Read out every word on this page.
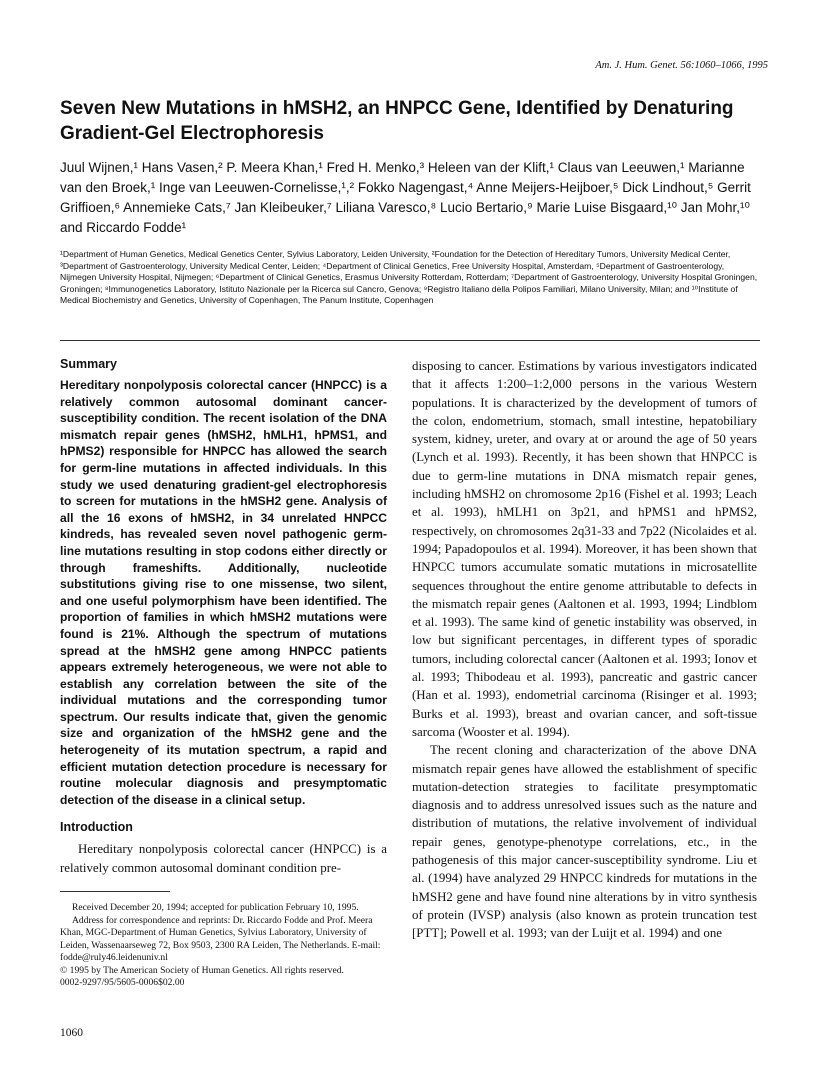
Am. J. Hum. Genet. 56:1060–1066, 1995
Seven New Mutations in hMSH2, an HNPCC Gene, Identified by Denaturing Gradient-Gel Electrophoresis
Juul Wijnen,¹ Hans Vasen,² P. Meera Khan,¹ Fred H. Menko,³ Heleen van der Klift,¹ Claus van Leeuwen,¹ Marianne van den Broek,¹ Inge van Leeuwen-Cornelisse,¹,² Fokko Nagengast,⁴ Anne Meijers-Heijboer,⁵ Dick Lindhout,⁵ Gerrit Griffioen,⁶ Annemieke Cats,⁷ Jan Kleibeuker,⁷ Liliana Varesco,⁸ Lucio Bertario,⁹ Marie Luise Bisgaard,¹⁰ Jan Mohr,¹⁰ and Riccardo Fodde¹
¹Department of Human Genetics, Medical Genetics Center, Sylvius Laboratory, Leiden University, ²Foundation for the Detection of Hereditary Tumors, University Medical Center, ³Department of Gastroenterology, University Medical Center, Leiden; ⁴Department of Clinical Genetics, Free University Hospital, Amsterdam, ⁵Department of Gastroenterology, Nijmegen University Hospital, Nijmegen; ⁶Department of Clinical Genetics, Erasmus University Rotterdam, Rotterdam; ⁷Department of Gastroenterology, University Hospital Groningen, Groningen; ⁸Immunogenetics Laboratory, Istituto Nazionale per la Ricerca sul Cancro, Genova; ⁹Registro Italiano della Polipos Familiari, Milano University, Milan; and ¹⁰Institute of Medical Biochemistry and Genetics, University of Copenhagen, The Panum Institute, Copenhagen
Summary

Hereditary nonpolyposis colorectal cancer (HNPCC) is a relatively common autosomal dominant cancer-susceptibility condition. The recent isolation of the DNA mismatch repair genes (hMSH2, hMLH1, hPMS1, and hPMS2) responsible for HNPCC has allowed the search for germ-line mutations in affected individuals. In this study we used denaturing gradient-gel electrophoresis to screen for mutations in the hMSH2 gene. Analysis of all the 16 exons of hMSH2, in 34 unrelated HNPCC kindreds, has revealed seven novel pathogenic germ-line mutations resulting in stop codons either directly or through frameshifts. Additionally, nucleotide substitutions giving rise to one missense, two silent, and one useful polymorphism have been identified. The proportion of families in which hMSH2 mutations were found is 21%. Although the spectrum of mutations spread at the hMSH2 gene among HNPCC patients appears extremely heterogeneous, we were not able to establish any correlation between the site of the individual mutations and the corresponding tumor spectrum. Our results indicate that, given the genomic size and organization of the hMSH2 gene and the heterogeneity of its mutation spectrum, a rapid and efficient mutation detection procedure is necessary for routine molecular diagnosis and presymptomatic detection of the disease in a clinical setup.

Introduction

Hereditary nonpolyposis colorectal cancer (HNPCC) is a relatively common autosomal dominant condition pre-

Received December 20, 1994; accepted for publication February 10, 1995.

Address for correspondence and reprints: Dr. Riccardo Fodde and Prof. Meera Khan, MGC-Department of Human Genetics, Sylvius Laboratory, University of Leiden, Wassenaarseweg 72, Box 9503, 2300 RA Leiden, The Netherlands. E-mail: fodde@ruly46.leidenuniv.nl

© 1995 by The American Society of Human Genetics. All rights reserved.

0002-9297/95/5605-0006$02.00

disposing to cancer. Estimations by various investigators indicated that it affects 1:200–1:2,000 persons in the various Western populations. It is characterized by the development of tumors of the colon, endometrium, stomach, small intestine, hepatobiliary system, kidney, ureter, and ovary at or around the age of 50 years (Lynch et al. 1993). Recently, it has been shown that HNPCC is due to germ-line mutations in DNA mismatch repair genes, including hMSH2 on chromosome 2p16 (Fishel et al. 1993; Leach et al. 1993), hMLH1 on 3p21, and hPMS1 and hPMS2, respectively, on chromosomes 2q31-33 and 7p22 (Nicolaides et al. 1994; Papadopoulos et al. 1994). Moreover, it has been shown that HNPCC tumors accumulate somatic mutations in microsatellite sequences throughout the entire genome attributable to defects in the mismatch repair genes (Aaltonen et al. 1993, 1994; Lindblom et al. 1993). The same kind of genetic instability was observed, in low but significant percentages, in different types of sporadic tumors, including colorectal cancer (Aaltonen et al. 1993; Ionov et al. 1993; Thibodeau et al. 1993), pancreatic and gastric cancer (Han et al. 1993), endometrial carcinoma (Risinger et al. 1993; Burks et al. 1993), breast and ovarian cancer, and soft-tissue sarcoma (Wooster et al. 1994).

The recent cloning and characterization of the above DNA mismatch repair genes have allowed the establishment of specific mutation-detection strategies to facilitate presymptomatic diagnosis and to address unresolved issues such as the nature and distribution of mutations, the relative involvement of individual repair genes, genotype-phenotype correlations, etc., in the pathogenesis of this major cancer-susceptibility syndrome. Liu et al. (1994) have analyzed 29 HNPCC kindreds for mutations in the hMSH2 gene and have found nine alterations by in vitro synthesis of protein (IVSP) analysis (also known as protein truncation test [PTT]; Powell et al. 1993; van der Luijt et al. 1994) and one

1060
